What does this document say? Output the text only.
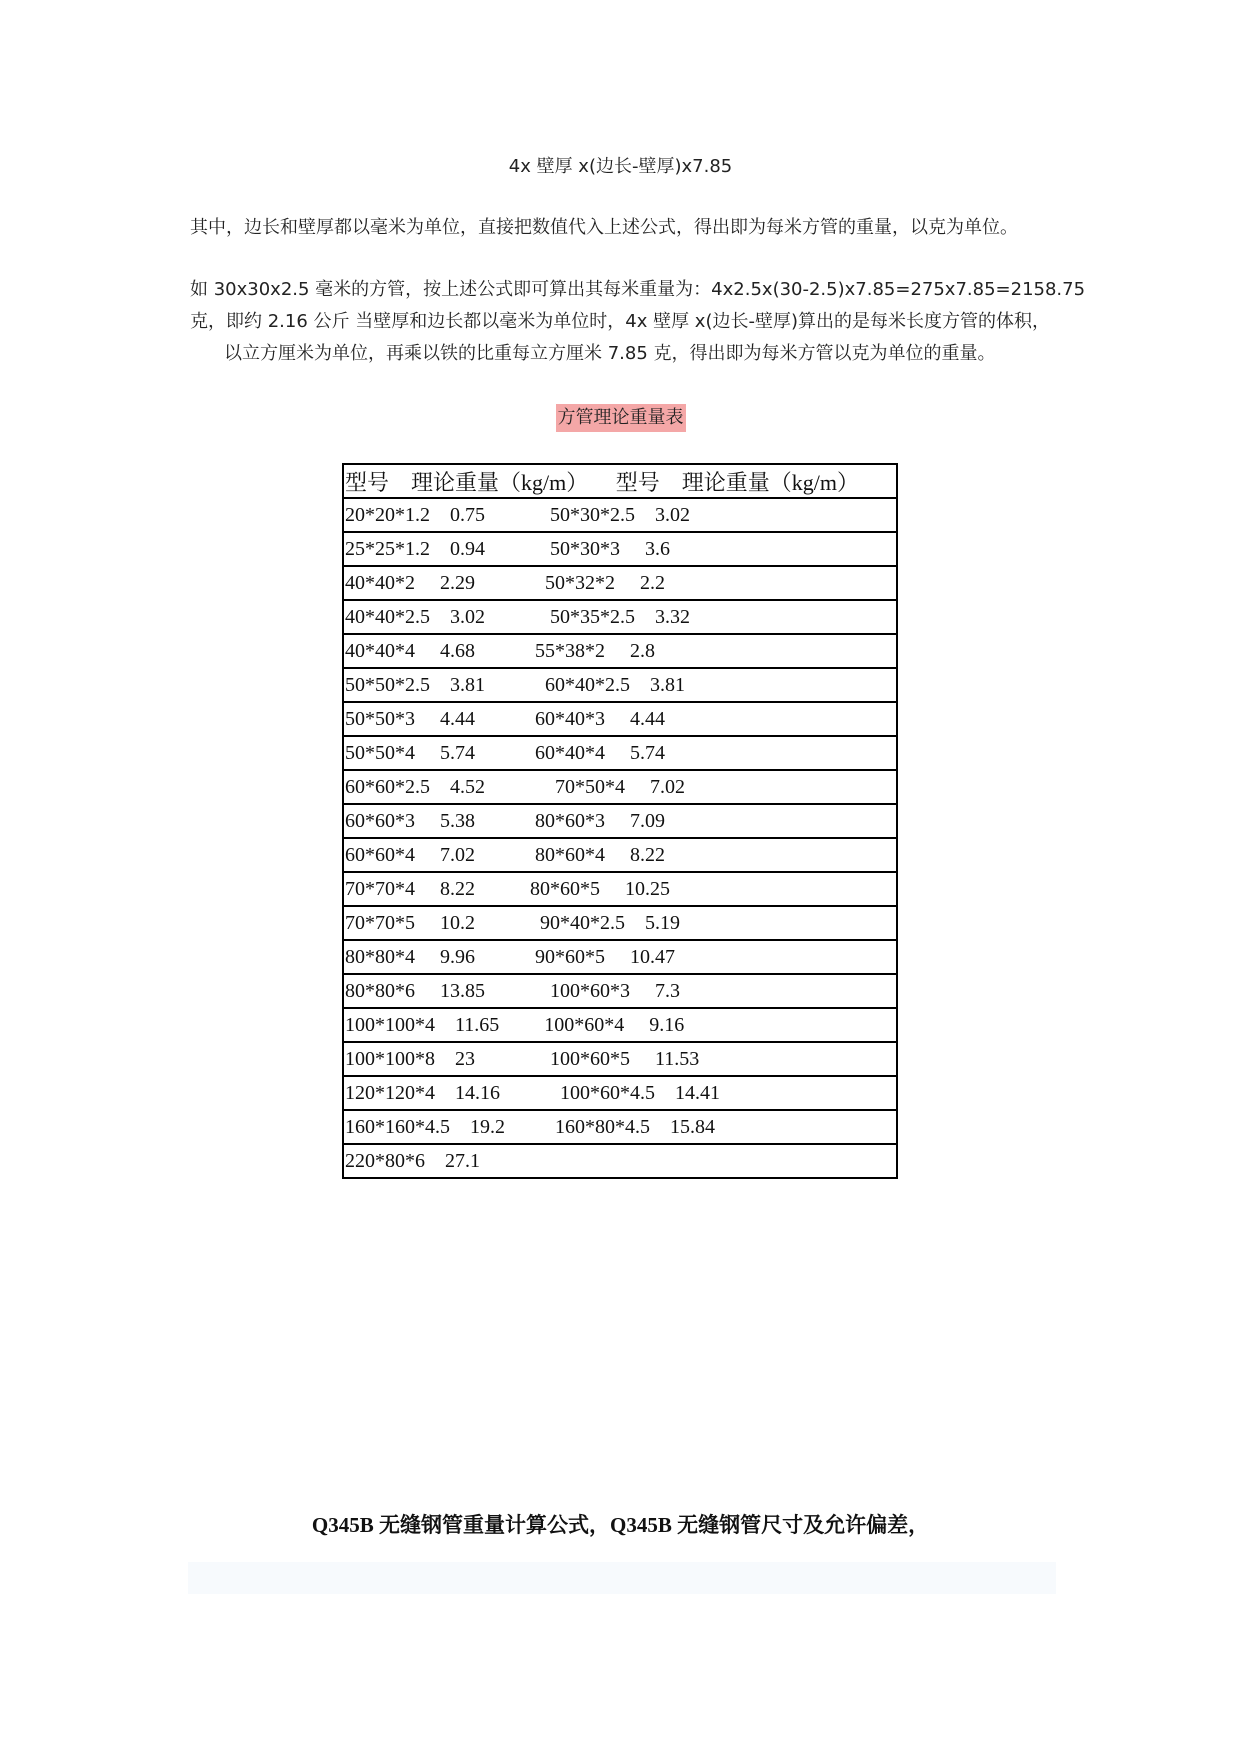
4x 壁厚 x(边长-壁厚)x7.85

其中，边长和壁厚都以毫米为单位，直接把数值代入上述公式，得出即为每米方管的重量，以克为单位。

如 30x30x2.5 毫米的方管，按上述公式即可算出其每米重量为：4x2.5x(30-2.5)x7.85=275x7.85=2158.75
克，即约 2.16 公斤 当壁厚和边长都以毫米为单位时，4x 壁厚 x(边长-壁厚)算出的是每米长度方管的体积，
以立方厘米为单位，再乘以铁的比重每立方厘米 7.85 克，得出即为每米方管以克为单位的重量。

方管理论重量表
型号    理论重量（kg/m）     型号    理论重量（kg/m）
20*20*1.2    0.75             50*30*2.5    3.02
25*25*1.2    0.94             50*30*3     3.6
40*40*2     2.29              50*32*2     2.2
40*40*2.5    3.02             50*35*2.5    3.32
40*40*4     4.68            55*38*2     2.8
50*50*2.5    3.81            60*40*2.5    3.81
50*50*3     4.44            60*40*3     4.44
50*50*4     5.74            60*40*4     5.74
60*60*2.5    4.52              70*50*4     7.02
60*60*3     5.38            80*60*3     7.09
60*60*4     7.02            80*60*4     8.22
70*70*4     8.22           80*60*5     10.25
70*70*5     10.2             90*40*2.5    5.19
80*80*4     9.96            90*60*5     10.47
80*80*6     13.85             100*60*3     7.3
100*100*4    11.65         100*60*4     9.16
100*100*8    23               100*60*5     11.53
120*120*4    14.16            100*60*4.5    14.41
160*160*4.5    19.2          160*80*4.5    15.84
220*80*6    27.1
Q345B 无缝钢管重量计算公式，Q345B 无缝钢管尺寸及允许偏差，
